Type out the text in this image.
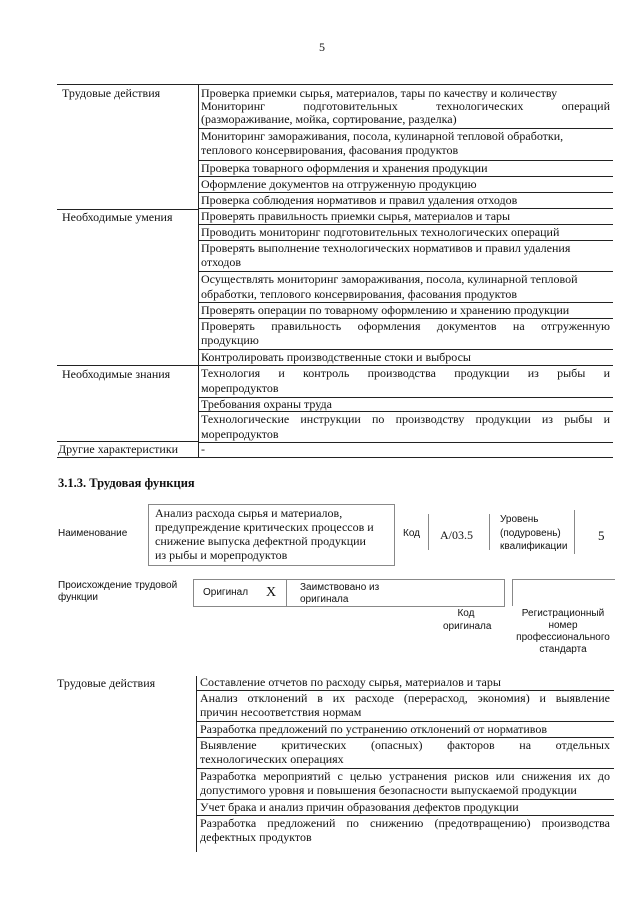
5
Трудовые действия
Необходимые умения
Необходимые знания
Другие характеристики
Проверка приемки сырья, материалов, тары по качеству и количеству
Мониторинг подготовительных технологических операций
(размораживание, мойка, сортирование, разделка)
Мониторинг замораживания, посола, кулинарной тепловой обработки,
теплового консервирования, фасования продуктов
Проверка товарного оформления и хранения продукции
Оформление документов на отгруженную продукцию
Проверка соблюдения нормативов и правил удаления отходов
Проверять правильность приемки сырья, материалов и тары
Проводить мониторинг подготовительных технологических операций
Проверять выполнение технологических нормативов и правил удаления
отходов
Осуществлять мониторинг замораживания, посола, кулинарной тепловой
обработки, теплового консервирования, фасования продуктов
Проверять операции по товарному оформлению и хранению продукции
Проверять правильность оформления документов на отгруженную
продукцию
Контролировать производственные стоки и выбросы
Технология и контроль производства продукции из рыбы и
морепродуктов
Требования охраны труда
Технологические инструкции по производству продукции из рыбы и
морепродуктов
-
3.1.3. Трудовая функция
Наименование
Анализ расхода сырья и материалов,
предупреждение критических процессов и
снижение выпуска дефектной продукции
из рыбы и морепродуктов
Код А/03.5
Уровень
(подуровень)
квалификации
5
Происхождение трудовой
функции	Оригинал X Заимствовано из
оригинала
Код
оригинала
Регистрационный
номер
профессионального
стандарта
Трудовые действия	Составление отчетов по расходу сырья, материалов и тары
Анализ отклонений в их расходе (перерасход, экономия) и выявление
причин несоответствия нормам
Разработка предложений по устранению отклонений от нормативов
Выявление критических (опасных) факторов на отдельных
технологических операциях
Разработка мероприятий с целью устранения рисков или снижения их до
допустимого уровня и повышения безопасности выпускаемой продукции
Учет брака и анализ причин образования дефектов продукции
Разработка предложений по снижению (предотвращению) производства
дефектных продуктов
